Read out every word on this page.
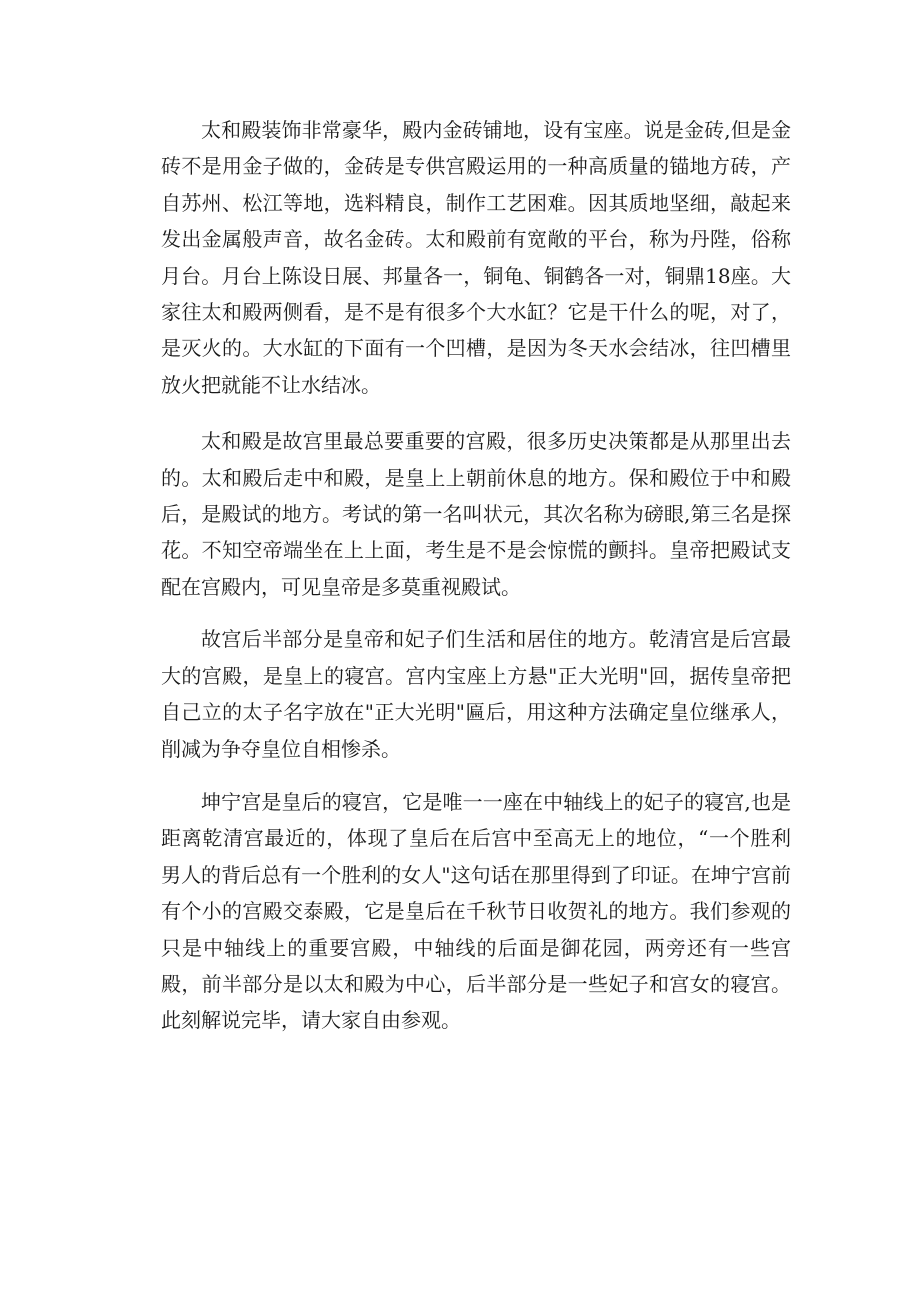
太和殿装饰非常豪华，殿内金砖铺地，设有宝座。说是金砖,但是金砖不是用金子做的，金砖是专供宫殿运用的一种高质量的锚地方砖，产自苏州、松江等地，选料精良，制作工艺困难。因其质地坚细，敲起来发出金属般声音，故名金砖。太和殿前有宽敞的平台，称为丹陛，俗称月台。月台上陈设日展、邦量各一，铜龟、铜鹤各一对，铜鼎18座。大家往太和殿两侧看，是不是有很多个大水缸？它是干什么的呢，对了，是灭火的。大水缸的下面有一个凹槽，是因为冬天水会结冰，往凹槽里放火把就能不让水结冰。

太和殿是故宫里最总要重要的宫殿，很多历史决策都是从那里出去的。太和殿后走中和殿，是皇上上朝前休息的地方。保和殿位于中和殿后，是殿试的地方。考试的第一名叫状元，其次名称为磅眼,第三名是探花。不知空帝端坐在上上面，考生是不是会惊慌的颤抖。皇帝把殿试支配在宫殿内，可见皇帝是多莫重视殿试。

故宫后半部分是皇帝和妃子们生活和居住的地方。乾清宫是后宫最大的宫殿，是皇上的寝宫。宫内宝座上方悬"正大光明"回，据传皇帝把自己立的太子名字放在"正大光明"匾后，用这种方法确定皇位继承人，削减为争夺皇位自相惨杀。

坤宁宫是皇后的寝宫，它是唯一一座在中轴线上的妃子的寝宫,也是距离乾清宫最近的，体现了皇后在后宫中至高无上的地位，“一个胜利男人的背后总有一个胜利的女人"这句话在那里得到了印证。在坤宁宫前有个小的宫殿交泰殿，它是皇后在千秋节日收贺礼的地方。我们参观的只是中轴线上的重要宫殿，中轴线的后面是御花园，两旁还有一些宫殿，前半部分是以太和殿为中心，后半部分是一些妃子和宫女的寝宫。此刻解说完毕，请大家自由参观。
